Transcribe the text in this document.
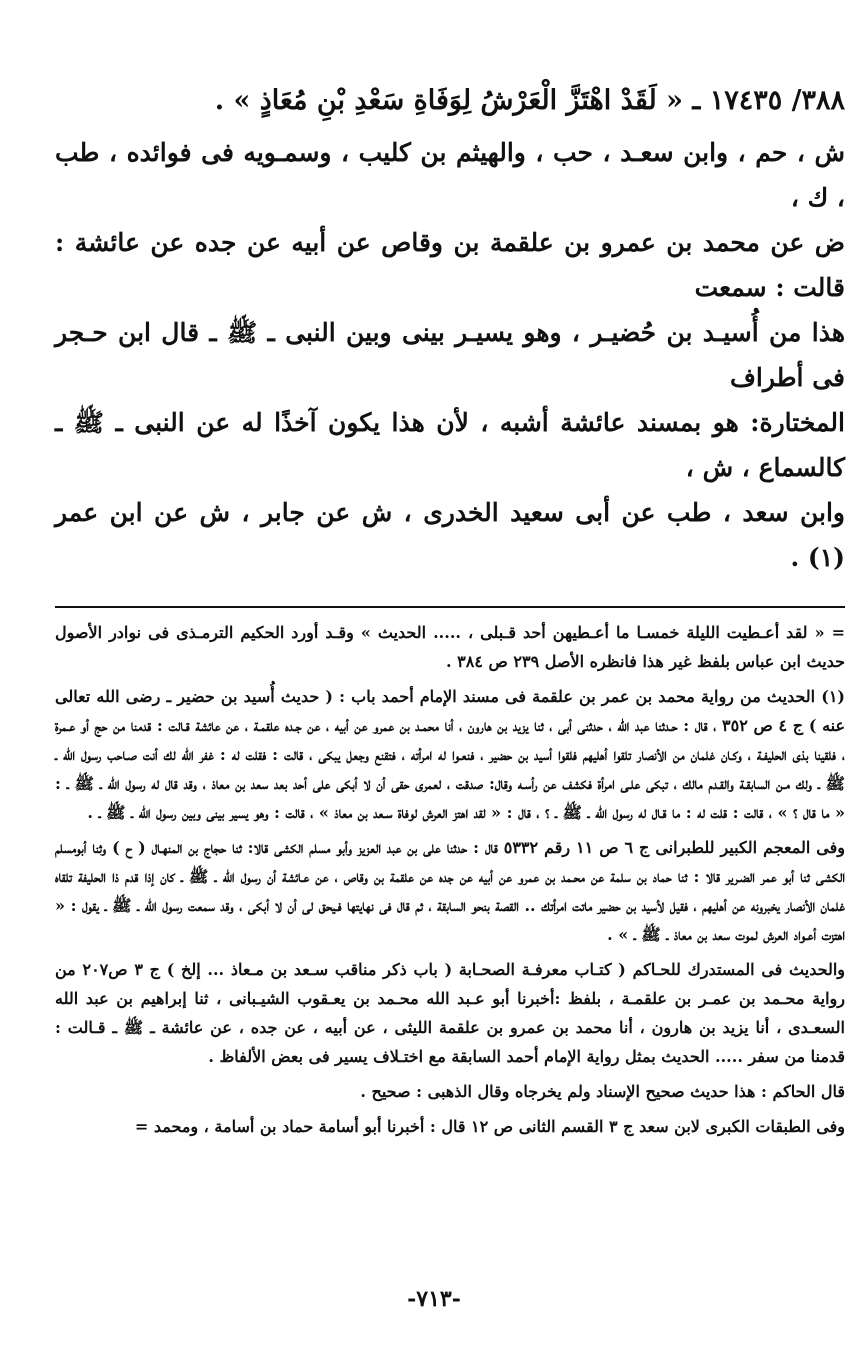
٣٨٨/ ١٧٤٣٥ ـ « لَقَدْ اهْتَزَّ الْعَرْشُ لِوَفَاةِ سَعْدِ بْنِ مُعَاذٍ » .

ش ، حم ، وابن سعـد ، حب ، والهيثم بن كليب ، وسمـويه فى فوائده ، طب ، ك ،

ض عن محمد بن عمرو بن علقمة بن وقاص عن أبيه عن جده عن عائشة : قالت : سمعت

هذا من أُسيـد بن حُضيـر ، وهو يسيـر بينى وبين النبى ـ ﷺ ـ قال ابن حـجر فى أطراف

المختارة: هو بمسند عائشة أشبه ، لأن هذا يكون آخذًا له عن النبى ـ ﷺ ـ كالسماع ، ش ،

وابن سعد ، طب عن أبى سعيد الخدرى ، ش عن جابر ، ش عن ابن عمر (١) .

= « لقد أعـطيت الليلة خمسـا ما أعـطيهن أحد قـبلى ، ..... الحديث » وقـد أورد الحكيم الترمـذى فى نوادر الأصول حديث ابن عباس بلفظ غير هذا فانظره الأصل ٢٣٩ ص ٣٨٤ .

(١) الحديث من رواية محمد بن عمر بن علقمة فى مسند الإمام أحمد باب : ( حديث أُسيد بن حضير ـ رضى الله تعالى عنه ) ج ٤ ص ٣٥٢ ، قال : حـدثنا عبد الله ، حدثنى أبى ، ثنا يزيد بن هارون ، أنا محمـد بن عمرو عن أبيه ، عن جـده علقمـة ، عن عائشة قـالت : قدمنا من حج أو عـمرة ، فلقينا بذى الحليفـة ، وكـان غلمان من الأنصار تلقوا أهليهم فلقوا أسيد بن حضير ، فنعـوا له امرأته ، فتقنع وجعل يبكى ، قالت : فقلت له : غفر الله لك أنت صـاحب رسول الله ـ ﷺ ـ ولك مـن السابقـة والقـدم مالك ، تبكى علـى امرأة فكشف عن رأسـه وقال: صدقت ، لعمرى حقى أن لا أبكى على أحد بعد سعد بن معاذ ، وقد قال له رسول الله ـ ﷺ ـ : « ما قال ؟ » ، قالت : قلت له : ما قـال له رسول الله ـ ﷺ ـ ؟ ، قال : « لقد اهتز العرش لوفاة سـعد بن معاذ » ، قالت : وهو يسير بينى وبين رسول الله ـ ﷺ ـ .

وفى المعجم الكبير للطبرانى ج ٦ ص ١١ رقم ٥٣٣٢ قال : حدثنا على بن عبد العزيز وأبو مسلم الكشى قالا: ثنا حجاج بن المنهـال ( ح ) وثنا أبومسلم الكشى ثنا أبو عمر الضـرير قالا : ثنا حماد بن سلمة عن محـمد بن عمرو عن أبيه عن جده عن علقمة بن وقاص ، عن عـائشة أن رسول الله ـ ﷺ ـ كان إذا قدم ذا الحليفة تلقاه غلمان الأنصار يخبرونه عن أهليهم ، فقيل لأسيد بن حضير ماتت امرأتك .. القصة بنحو السابقة ، ثم قال فى نهايتها فـيحق لى أن لا أبكى ، وقد سمعت رسول الله ـ ﷺ ـ يقول : « اهتزت أعـواد العرش لموت سعد بن معاذ ـ ﷺ ـ » .

والحديث فى المستدرك للحـاكم ( كتـاب معرفـة الصحـابة ( باب ذكر مناقب سـعد بن مـعاذ ... إلخ ) ج ٣ ص٢٠٧ من رواية محـمد بن عمـر بن علقمـة ، بلفظ :أخبرنا أبو عـبد الله محـمد بن يعـقوب الشيـبانى ، ثنا إبراهيم بن عبد الله السعـدى ، أنا يزيد بن هارون ، أنا محمد بن عمرو بن علقمة الليثى ، عن أبيه ، عن جده ، عن عائشة ـ ﷺ ـ قـالت : قدمنا من سفر ..... الحديث بمثل رواية الإمام أحمد السابقة مع اختـلاف يسير فى بعض الألفاظ .

قال الحاكم : هذا حديث صحيح الإسناد ولم يخرجاه وقال الذهبى : صحيح .

وفى الطبقات الكبرى لابن سعد ج ٣ القسم الثانى ص ١٢ قال : أخبرنا أبو أسامة حماد بن أسامة ، ومحمد =

-٧١٣-
